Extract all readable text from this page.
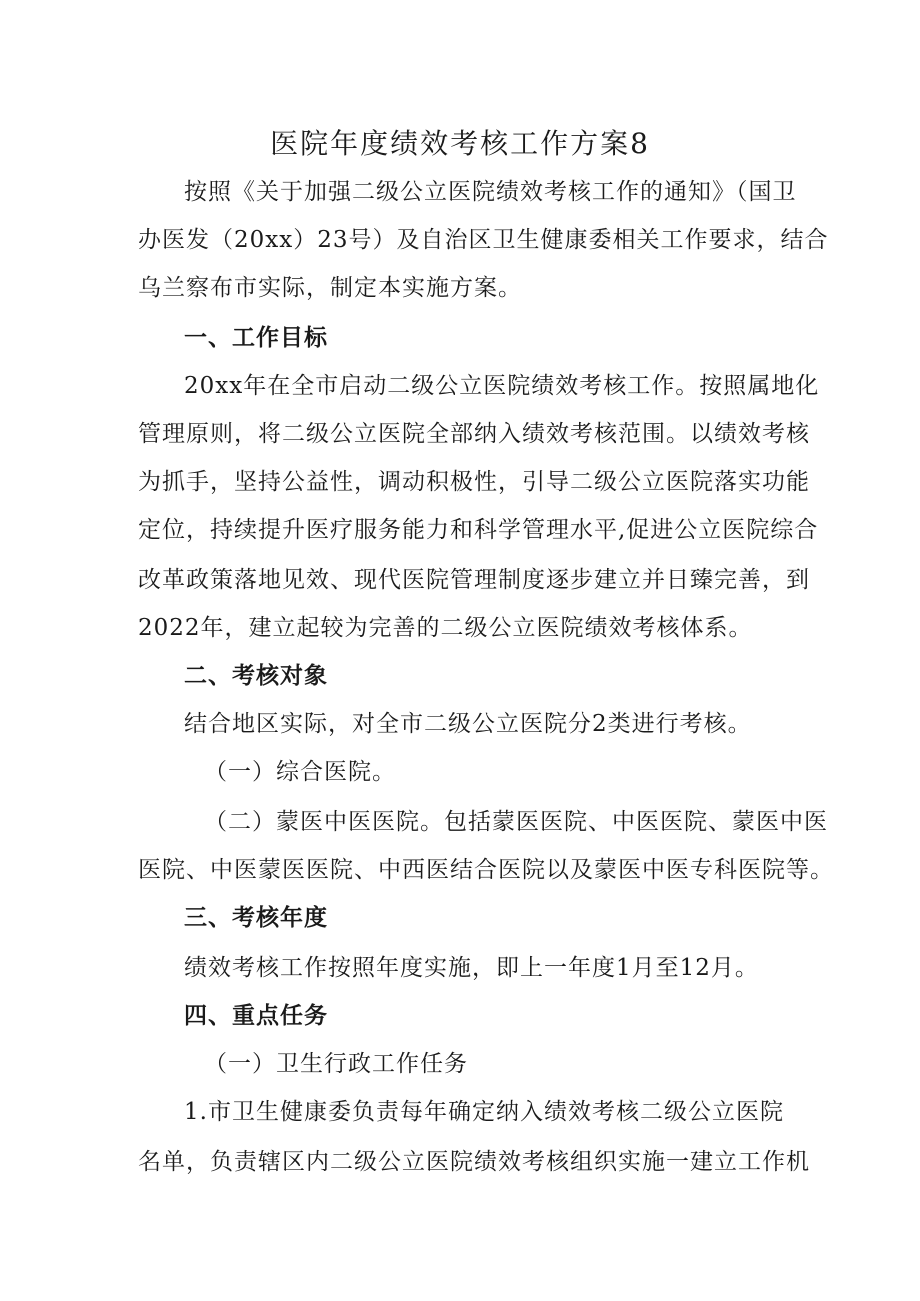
医院年度绩效考核工作方案8
按照《关于加强二级公立医院绩效考核工作的通知》（国卫
办医发（20xx）23号）及自治区卫生健康委相关工作要求，结合
乌兰察布市实际，制定本实施方案。
一、工作目标
20xx年在全市启动二级公立医院绩效考核工作。按照属地化
管理原则，将二级公立医院全部纳入绩效考核范围。以绩效考核
为抓手，坚持公益性，调动积极性，引导二级公立医院落实功能
定位，持续提升医疗服务能力和科学管理水平,促进公立医院综合
改革政策落地见效、现代医院管理制度逐步建立并日臻完善，到
2022年，建立起较为完善的二级公立医院绩效考核体系。
二、考核对象
结合地区实际，对全市二级公立医院分2类进行考核。
（一）综合医院。
（二）蒙医中医医院。包括蒙医医院、中医医院、蒙医中医
医院、中医蒙医医院、中西医结合医院以及蒙医中医专科医院等。
三、考核年度
绩效考核工作按照年度实施，即上一年度1月至12月。
四、重点任务
（一）卫生行政工作任务
1.市卫生健康委负责每年确定纳入绩效考核二级公立医院
名单，负责辖区内二级公立医院绩效考核组织实施一建立工作机
